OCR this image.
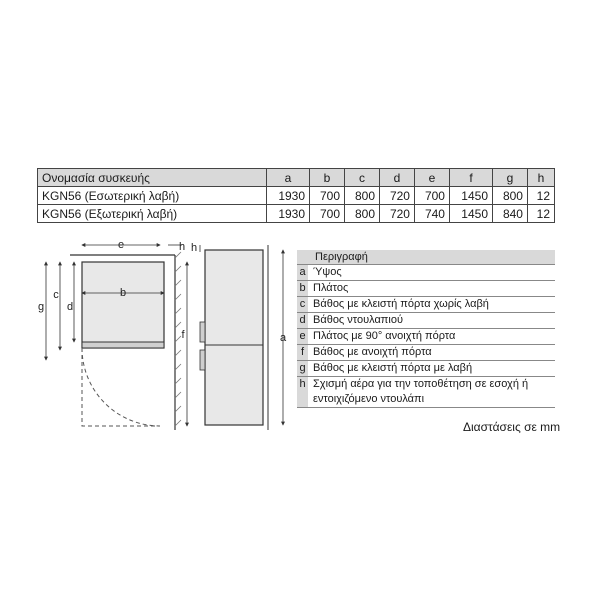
Ονομασία συσκευής	a	b	c	d	e	f	g	h
KGN56 (Εσωτερική λαβή)	1930	700	800	720	700	1450	800	12
KGN56 (Εξωτερική λαβή)	1930	700	800	720	740	1450	840	12
e	h
b
g
c
d
f
h
a
Περιγραφή
a Ύψος
b Πλάτος
c Βάθος με κλειστή πόρτα χωρίς λαβή
d Βάθος ντουλαπιού
e Πλάτος με 90° ανοιχτή πόρτα
f Βάθος με ανοιχτή πόρτα
g Βάθος με κλειστή πόρτα με λαβή
h Σχισμή αέρα για την τοποθέτηση σε εσοχή ή εντοιχιζόμενο ντουλάπι
Διαστάσεις σε mm
